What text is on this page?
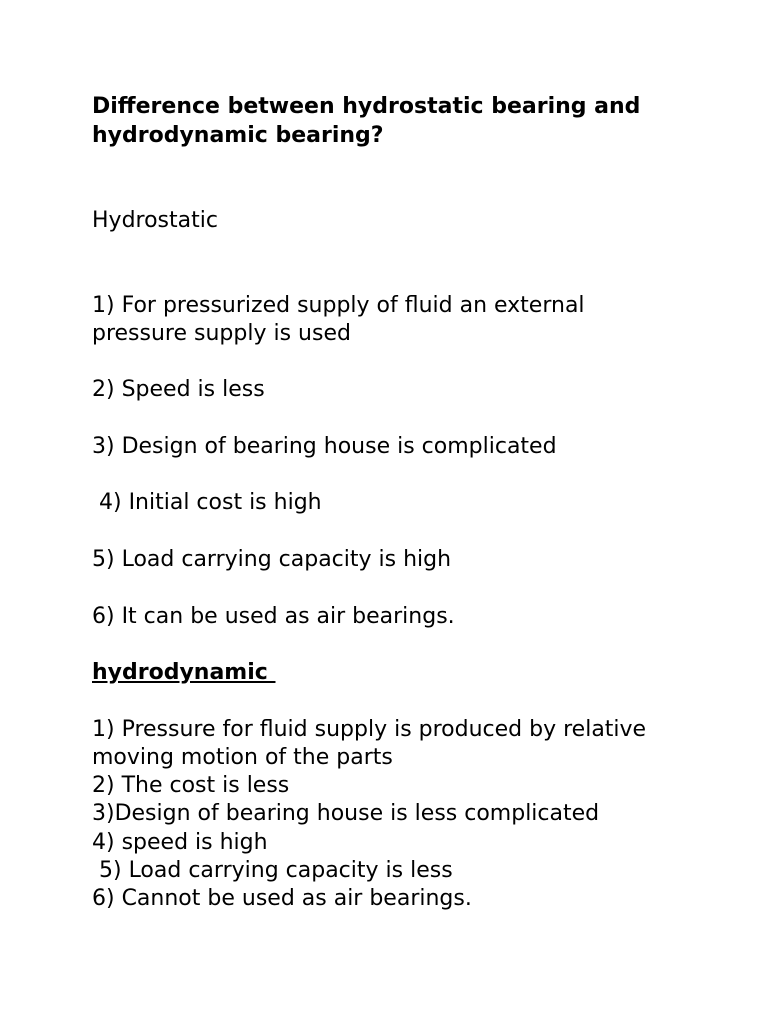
Difference between hydrostatic bearing and
hydrodynamic bearing?
Hydrostatic
1) For pressurized supply of fluid an external
pressure supply is used
2) Speed is less
3) Design of bearing house is complicated
4) Initial cost is high
5) Load carrying capacity is high
6) It can be used as air bearings.
hydrodynamic
1) Pressure for fluid supply is produced by relative
moving motion of the parts
2) The cost is less
3)Design of bearing house is less complicated
4) speed is high
5) Load carrying capacity is less
6) Cannot be used as air bearings.
